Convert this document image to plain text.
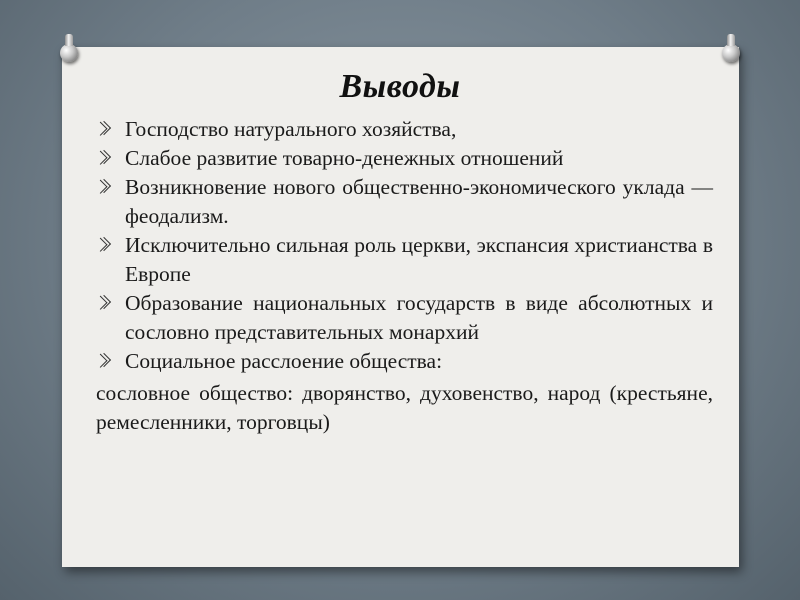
Выводы
Господство натурального хозяйства,
Слабое развитие товарно-денежных отношений
Возникновение нового общественно-экономического уклада — феодализм.
Исключительно сильная роль церкви, экспансия христианства в Европе
Образование национальных государств в виде абсолютных и сословно представительных монархий
Социальное расслоение общества:

сословное общество: дворянство, духовенство, народ (крестьяне, ремесленники, торговцы)
